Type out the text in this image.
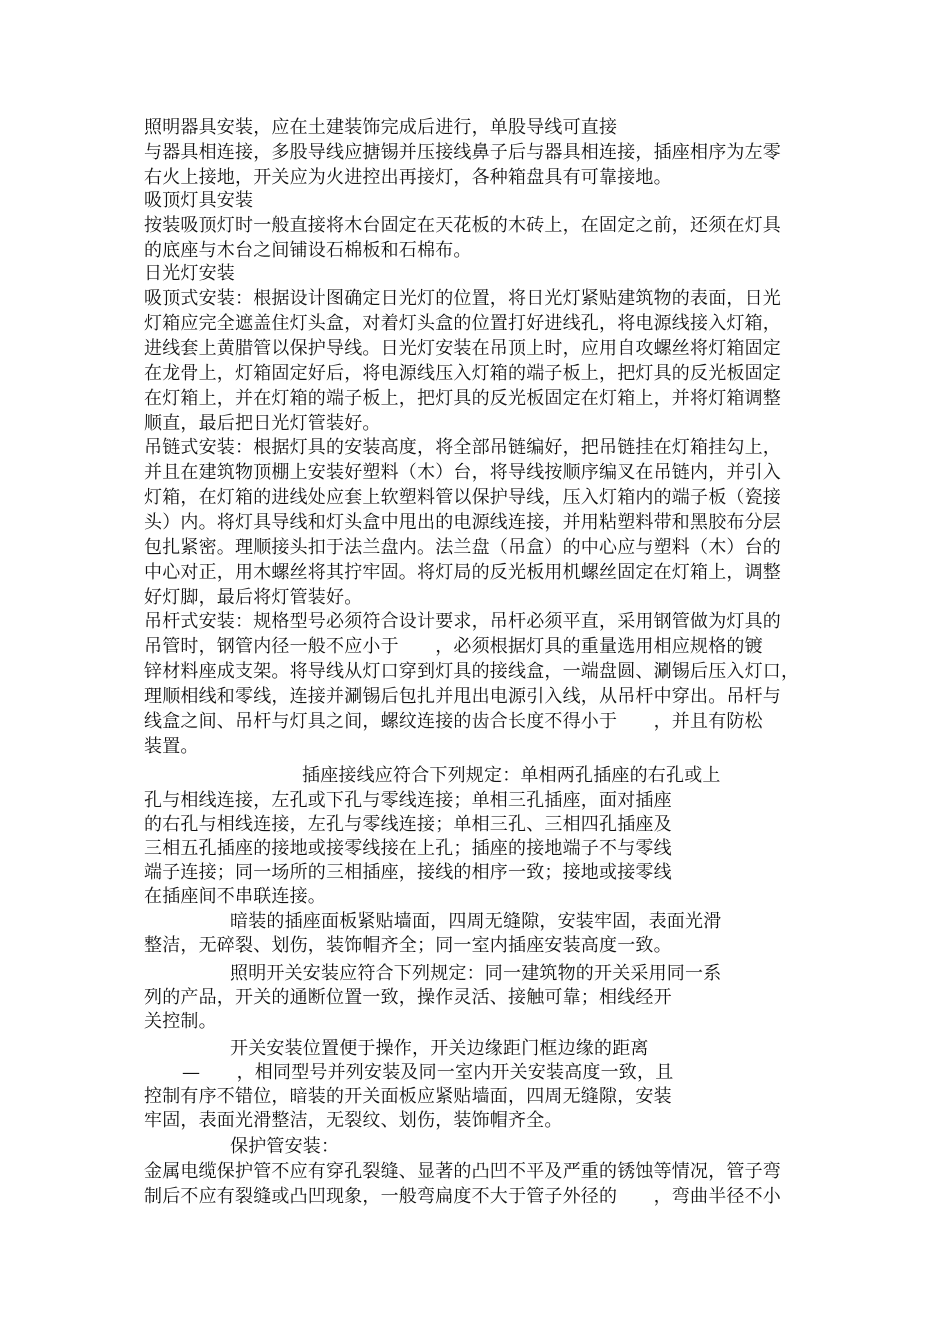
照明器具安装，应在土建装饰完成后进行，单股导线可直接
与器具相连接，多股导线应搪锡并压接线鼻子后与器具相连接，插座相序为左零
右火上接地，开关应为火进控出再接灯，各种箱盘具有可靠接地。
吸顶灯具安装
按装吸顶灯时一般直接将木台固定在天花板的木砖上，在固定之前，还须在灯具
的底座与木台之间铺设石棉板和石棉布。
日光灯安装
吸顶式安装：根据设计图确定日光灯的位置，将日光灯紧贴建筑物的表面，日光
灯箱应完全遮盖住灯头盒，对着灯头盒的位置打好进线孔，将电源线接入灯箱，
进线套上黄腊管以保护导线。日光灯安装在吊顶上时，应用自攻螺丝将灯箱固定
在龙骨上，灯箱固定好后，将电源线压入灯箱的端子板上，把灯具的反光板固定
在灯箱上，并在灯箱的端子板上，把灯具的反光板固定在灯箱上，并将灯箱调整
顺直，最后把日光灯管装好。
吊链式安装：根据灯具的安装高度，将全部吊链编好，把吊链挂在灯箱挂勾上，
并且在建筑物顶棚上安装好塑料（木）台，将导线按顺序编叉在吊链内，并引入
灯箱，在灯箱的进线处应套上软塑料管以保护导线，压入灯箱内的端子板（瓷接
头）内。将灯具导线和灯头盒中甩出的电源线连接，并用粘塑料带和黑胶布分层
包扎紧密。理顺接头扣于法兰盘内。法兰盘（吊盒）的中心应与塑料（木）台的
中心对正，用木螺丝将其拧牢固。将灯局的反光板用机螺丝固定在灯箱上，调整
好灯脚，最后将灯管装好。
吊杆式安装：规格型号必须符合设计要求，吊杆必须平直，采用钢管做为灯具的
吊管时，钢管内径一般不应小于　　，必须根据灯具的重量选用相应规格的镀
锌材料座成支架。将导线从灯口穿到灯具的接线盒，一端盘圆、涮锡后压入灯口，
理顺相线和零线，连接并涮锡后包扎并甩出电源引入线，从吊杆中穿出。吊杆与
线盒之间、吊杆与灯具之间，螺纹连接的齿合长度不得小于　　，并且有防松
装置。
插座接线应符合下列规定：单相两孔插座的右孔或上
孔与相线连接，左孔或下孔与零线连接；单相三孔插座，面对插座
的右孔与相线连接，左孔与零线连接；单相三孔、三相四孔插座及
三相五孔插座的接地或接零线接在上孔；插座的接地端子不与零线
端子连接；同一场所的三相插座，接线的相序一致；接地或接零线
在插座间不串联连接。
暗装的插座面板紧贴墙面，四周无缝隙，安装牢固，表面光滑
整洁，无碎裂、划伤，装饰帽齐全；同一室内插座安装高度一致。
照明开关安装应符合下列规定：同一建筑物的开关采用同一系
列的产品，开关的通断位置一致，操作灵活、接触可靠；相线经开
关控制。
开关安装位置便于操作，开关边缘距门框边缘的距离
—　　，相同型号并列安装及同一室内开关安装高度一致，且
控制有序不错位，暗装的开关面板应紧贴墙面，四周无缝隙，安装
牢固，表面光滑整洁，无裂纹、划伤，装饰帽齐全。
保护管安装：
金属电缆保护管不应有穿孔裂缝、显著的凸凹不平及严重的锈蚀等情况，管子弯
制后不应有裂缝或凸凹现象，一般弯扁度不大于管子外径的　　，弯曲半径不小
